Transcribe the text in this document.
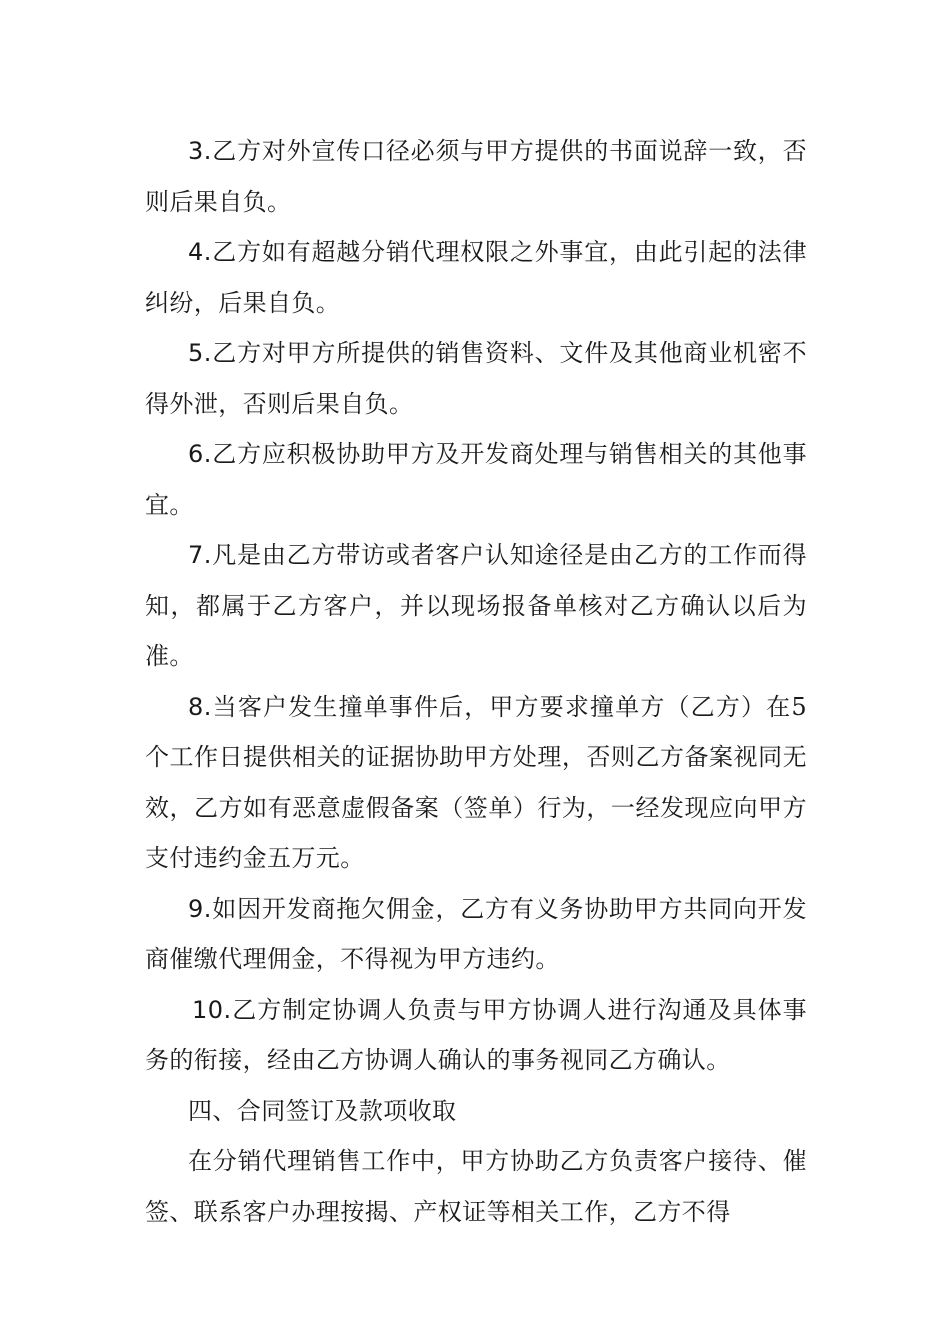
3.乙方对外宣传口径必须与甲方提供的书面说辞一致，否则后果自负。

4.乙方如有超越分销代理权限之外事宜，由此引起的法律纠纷，后果自负。

5.乙方对甲方所提供的销售资料、文件及其他商业机密不得外泄，否则后果自负。

6.乙方应积极协助甲方及开发商处理与销售相关的其他事宜。

7.凡是由乙方带访或者客户认知途径是由乙方的工作而得知，都属于乙方客户，并以现场报备单核对乙方确认以后为准。

8.当客户发生撞单事件后，甲方要求撞单方（乙方）在5个工作日提供相关的证据协助甲方处理，否则乙方备案视同无效，乙方如有恶意虚假备案（签单）行为，一经发现应向甲方支付违约金五万元。

9.如因开发商拖欠佣金，乙方有义务协助甲方共同向开发商催缴代理佣金，不得视为甲方违约。

10.乙方制定协调人负责与甲方协调人进行沟通及具体事务的衔接，经由乙方协调人确认的事务视同乙方确认。

四、合同签订及款项收取

在分销代理销售工作中，甲方协助乙方负责客户接待、催签、联系客户办理按揭、产权证等相关工作，乙方不得
